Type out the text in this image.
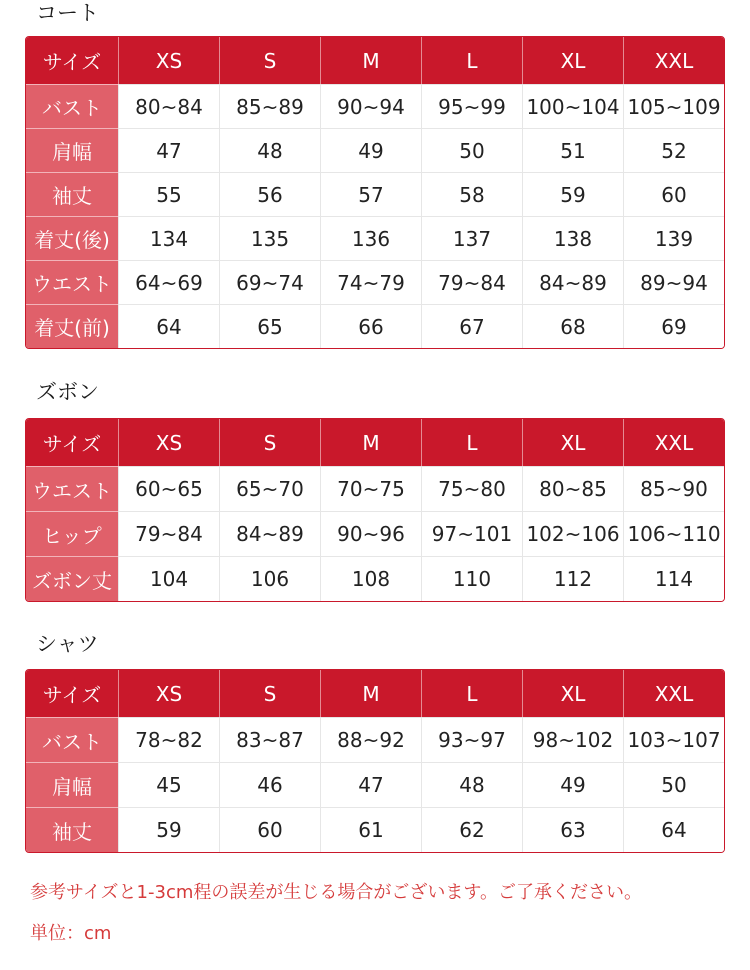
コート
サイズ	XS	S	M	L	XL	XXL
バスト	80~84	85~89	90~94	95~99	100~104	105~109
肩幅	47	48	49	50	51	52
袖丈	55	56	57	58	59	60
着丈(後)	134	135	136	137	138	139
ウエスト	64~69	69~74	74~79	79~84	84~89	89~94
着丈(前)	64	65	66	67	68	69
ズボン
サイズ	XS	S	M	L	XL	XXL
ウエスト	60~65	65~70	70~75	75~80	80~85	85~90
ヒップ	79~84	84~89	90~96	97~101	102~106	106~110
ズボン丈	104	106	108	110	112	114
シャツ
サイズ	XS	S	M	L	XL	XXL
バスト	78~82	83~87	88~92	93~97	98~102	103~107
肩幅	45	46	47	48	49	50
袖丈	59	60	61	62	63	64

参考サイズと1-3cm程の誤差が生じる場合がございます。ご了承ください。

単位：cm
